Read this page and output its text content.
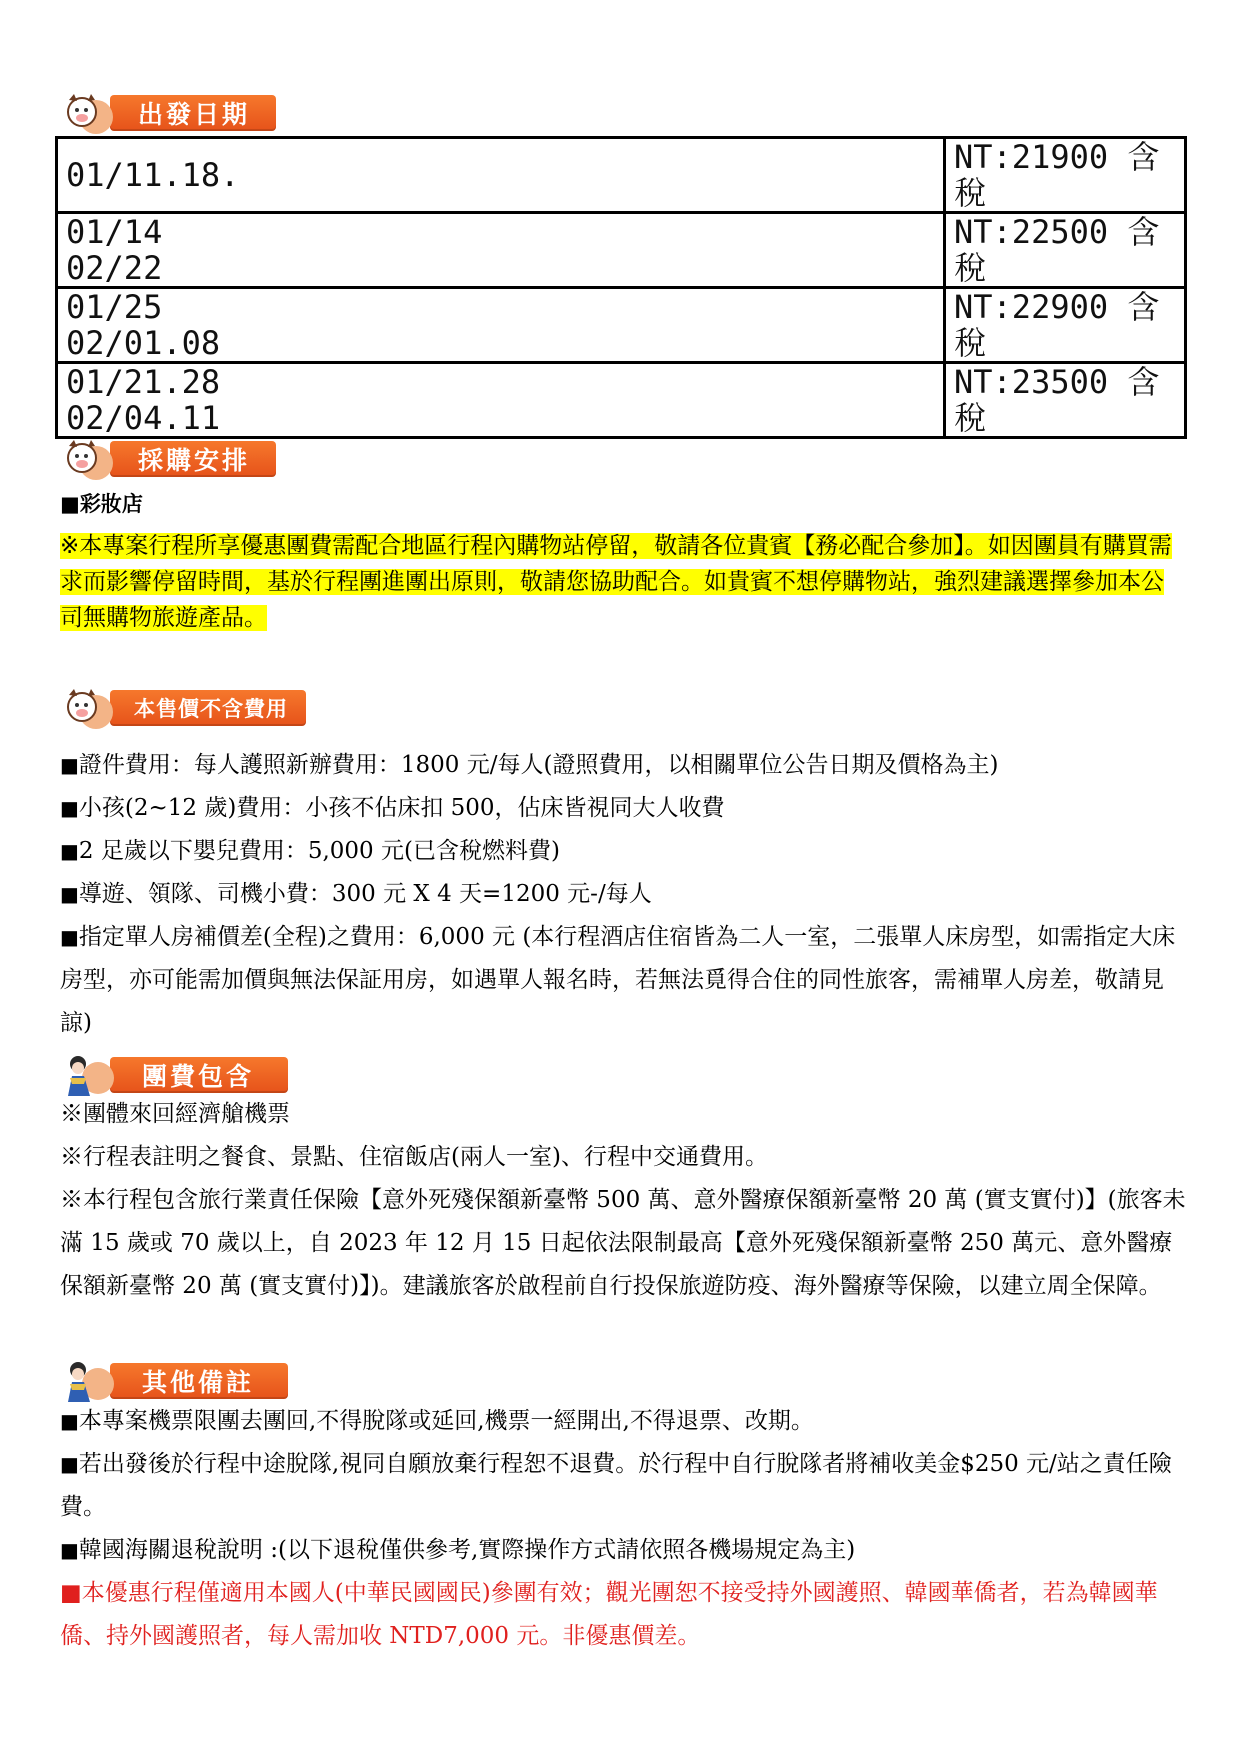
出發日期
01/11.18.	NT:21900 含稅

01/14
02/22	NT:22500 含稅

01/25
02/01.08	NT:22900 含稅

01/21.28
02/04.11	NT:23500 含稅
採購安排
■彩妝店
※本專案行程所享優惠團費需配合地區行程內購物站停留，敬請各位貴賓【務必配合參加】。如因團員有購買需求而影響停留時間，基於行程團進團出原則，敬請您協助配合。如貴賓不想停購物站，強烈建議選擇參加本公司無購物旅遊產品。
本售價不含費用
■證件費用：每人護照新辦費用：1800 元/每人(證照費用，以相關單位公告日期及價格為主)
■小孩(2~12 歲)費用：小孩不佔床扣 500，佔床皆視同大人收費
■2 足歲以下嬰兒費用：5,000 元(已含稅燃料費)
■導遊、領隊、司機小費：300 元 X 4 天=1200 元-/每人
■指定單人房補價差(全程)之費用：6,000 元 (本行程酒店住宿皆為二人一室，二張單人床房型，如需指定大床房型，亦可能需加價與無法保証用房，如遇單人報名時，若無法覓得合住的同性旅客，需補單人房差，敬請見諒)
團費包含
※團體來回經濟艙機票
※行程表註明之餐食、景點、住宿飯店(兩人一室)、行程中交通費用。
※本行程包含旅行業責任保險【意外死殘保額新臺幣 500 萬、意外醫療保額新臺幣 20 萬 (實支實付)】(旅客未滿 15 歲或 70 歲以上，自 2023 年 12 月 15 日起依法限制最高【意外死殘保額新臺幣 250 萬元、意外醫療保額新臺幣 20 萬 (實支實付)】)。建議旅客於啟程前自行投保旅遊防疫、海外醫療等保險，以建立周全保障。
其他備註
■本專案機票限團去團回,不得脫隊或延回,機票一經開出,不得退票、改期。
■若出發後於行程中途脫隊,視同自願放棄行程恕不退費。於行程中自行脫隊者將補收美金$250 元/站之責任險費。
■韓國海關退稅說明 :(以下退稅僅供參考,實際操作方式請依照各機場規定為主)
■本優惠行程僅適用本國人(中華民國國民)參團有效；觀光團恕不接受持外國護照、韓國華僑者，若為韓國華僑、持外國護照者，每人需加收 NTD7,000 元。非優惠價差。
